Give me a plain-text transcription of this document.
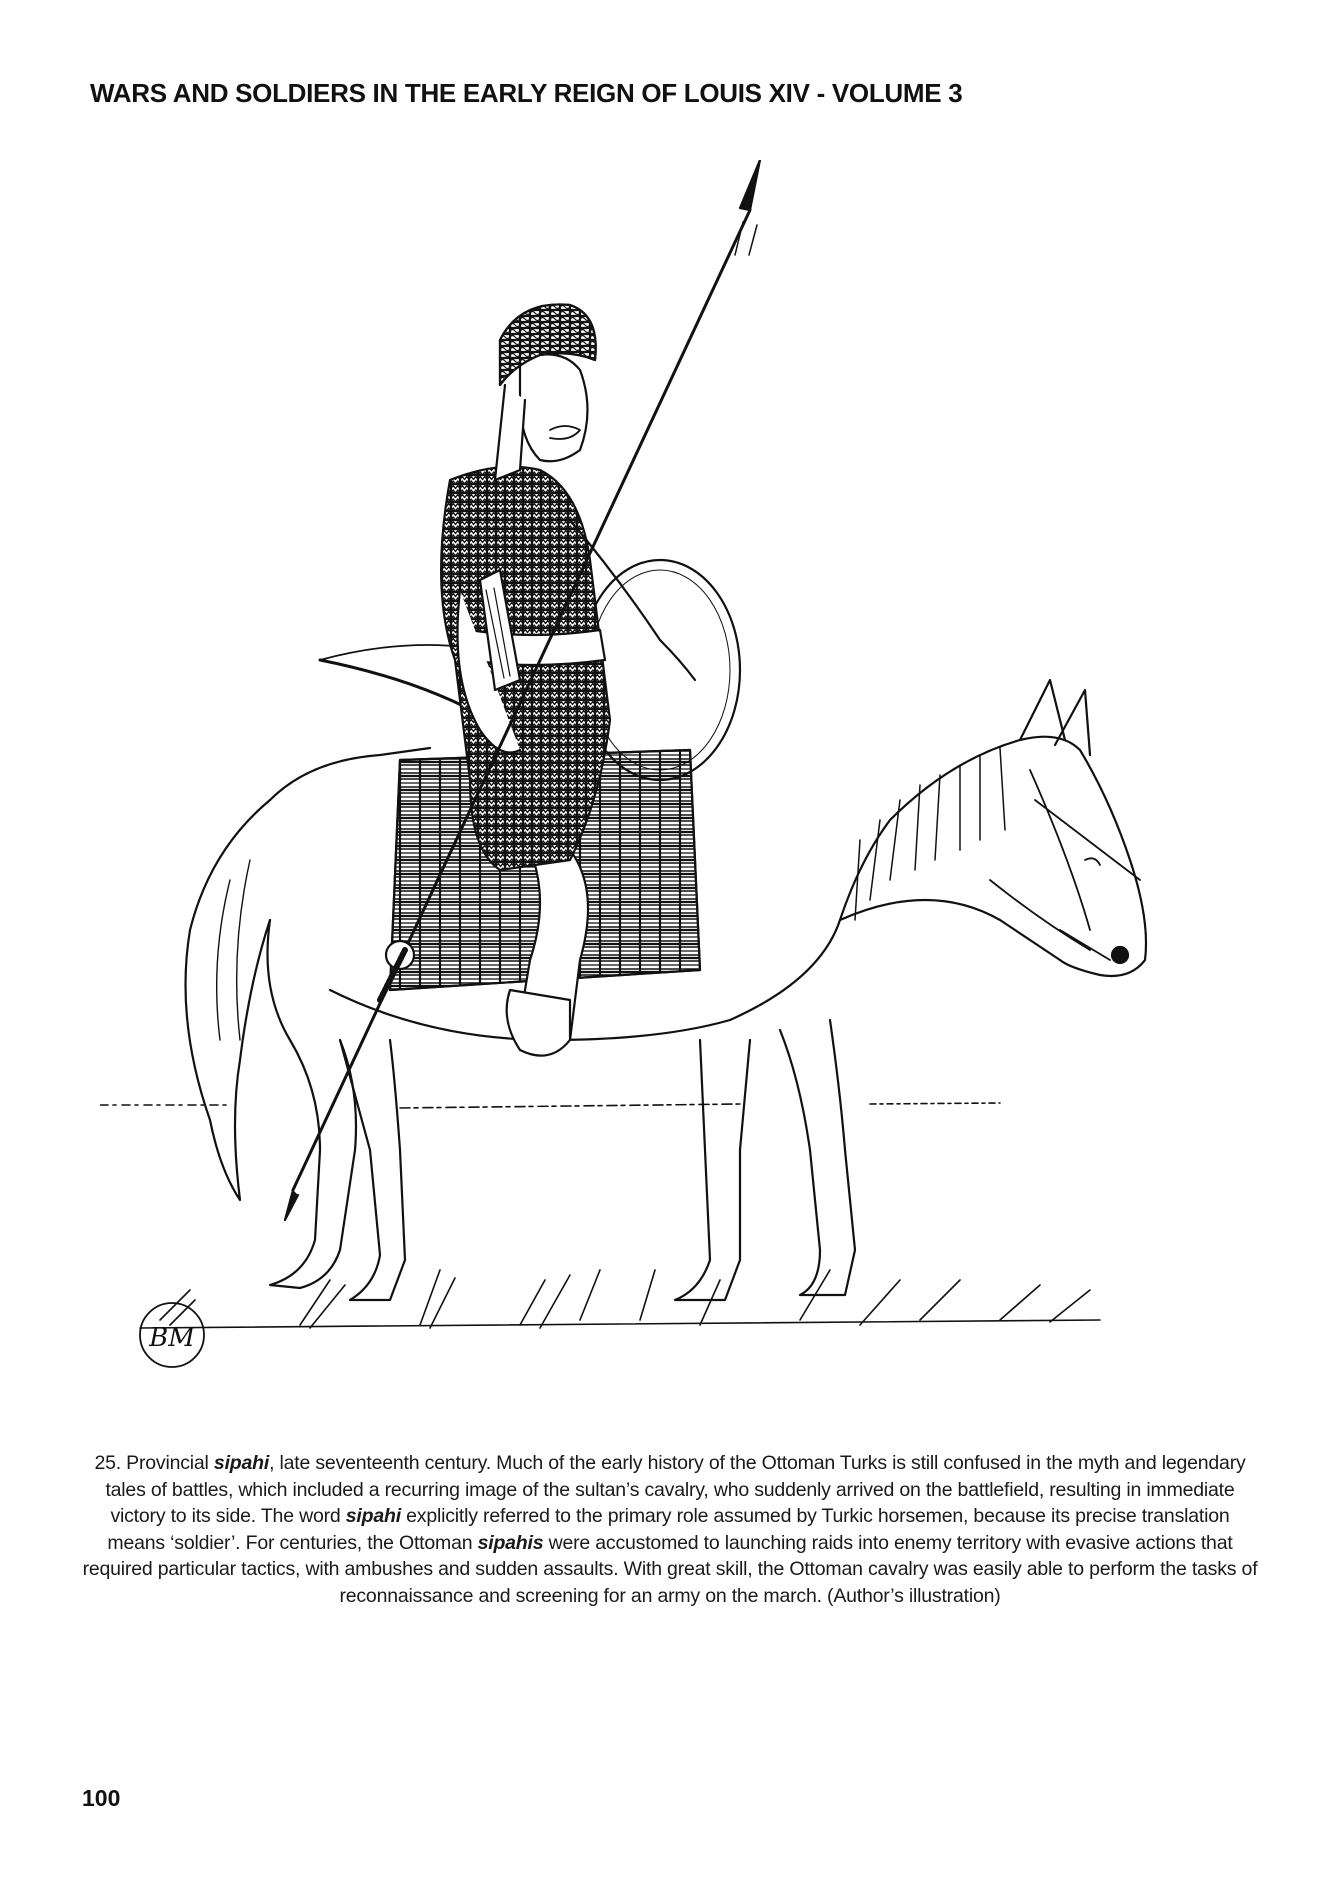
WARS AND SOLDIERS IN THE EARLY REIGN OF LOUIS XIV - VOLUME 3
BM
25. Provincial sipahi, late seventeenth century. Much of the early history of the Ottoman Turks is still confused in the myth and legendary tales of battles, which included a recurring image of the sultan’s cavalry, who suddenly arrived on the battlefield, resulting in immediate victory to its side. The word sipahi explicitly referred to the primary role assumed by Turkic horsemen, because its precise translation means ‘soldier’. For centuries, the Ottoman sipahis were accustomed to launching raids into enemy territory with evasive actions that required particular tactics, with ambushes and sudden assaults. With great skill, the Ottoman cavalry was easily able to perform the tasks of reconnaissance and screening for an army on the march. (Author’s illustration)
100
